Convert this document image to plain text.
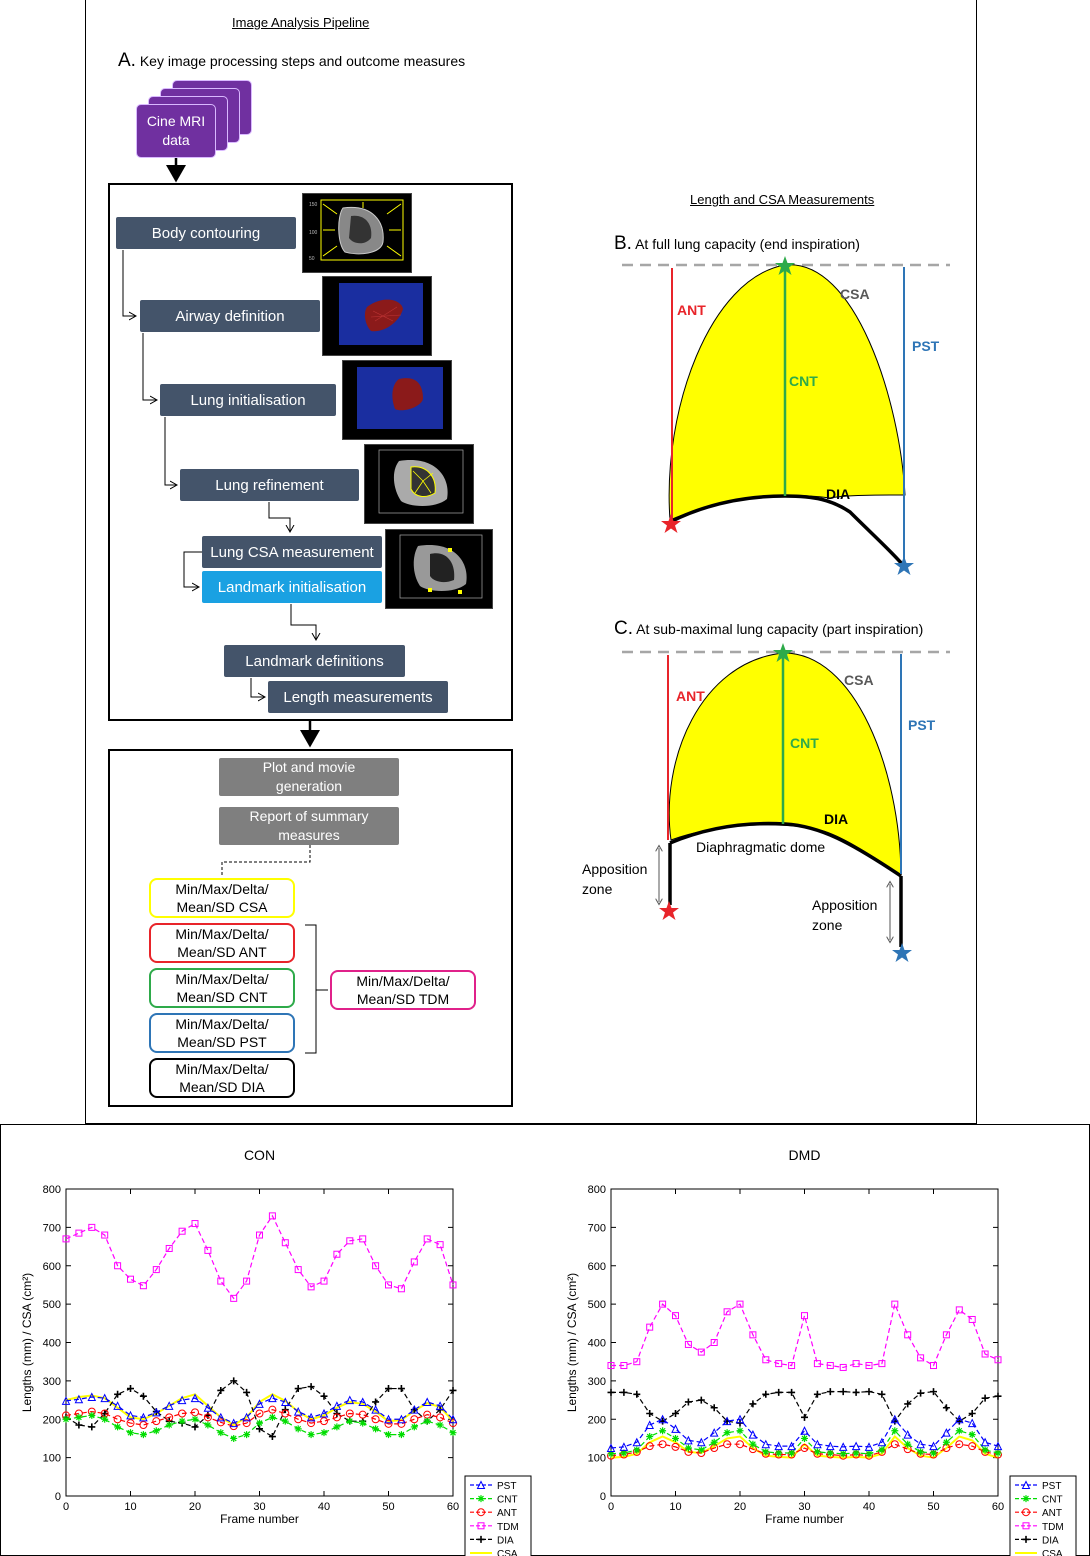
Image Analysis Pipeline
A. Key image processing steps and outcome measures
Cine MRI
data
Body contouring
Airway definition
Lung initialisation
Lung refinement
Lung CSA measurement
Landmark initialisation
Landmark definitions
Length measurements
150
100
50
Plot and movie
generation
Report of summary
measures
Min/Max/Delta/
Mean/SD CSA
Min/Max/Delta/
Mean/SD ANT
Min/Max/Delta/
Mean/SD CNT
Min/Max/Delta/
Mean/SD PST
Min/Max/Delta/
Mean/SD DIA
Min/Max/Delta/
Mean/SD TDM
Length and CSA Measurements
B. At full lung capacity (end inspiration)
C. At sub-maximal lung capacity (part inspiration)
ANT
CNT
PST
CSA
DIA
ANT
CNT
PST
CSA
DIA
Diaphragmatic dome
Apposition
zone
Apposition
zone
CON
0
100
200
300
400
500
600
700
800
0	10	20	30	40	50	60
Frame number
Lengths (mm) / CSA (cm²)
PST
CNT
ANT
TDM
DIA
CSA
DMD
0
100
200
300
400
500
600
700
800
0	10	20	30	40	50	60
Frame number
Lengths (mm) / CSA (cm²)
PST
CNT
ANT
TDM
DIA
CSA
